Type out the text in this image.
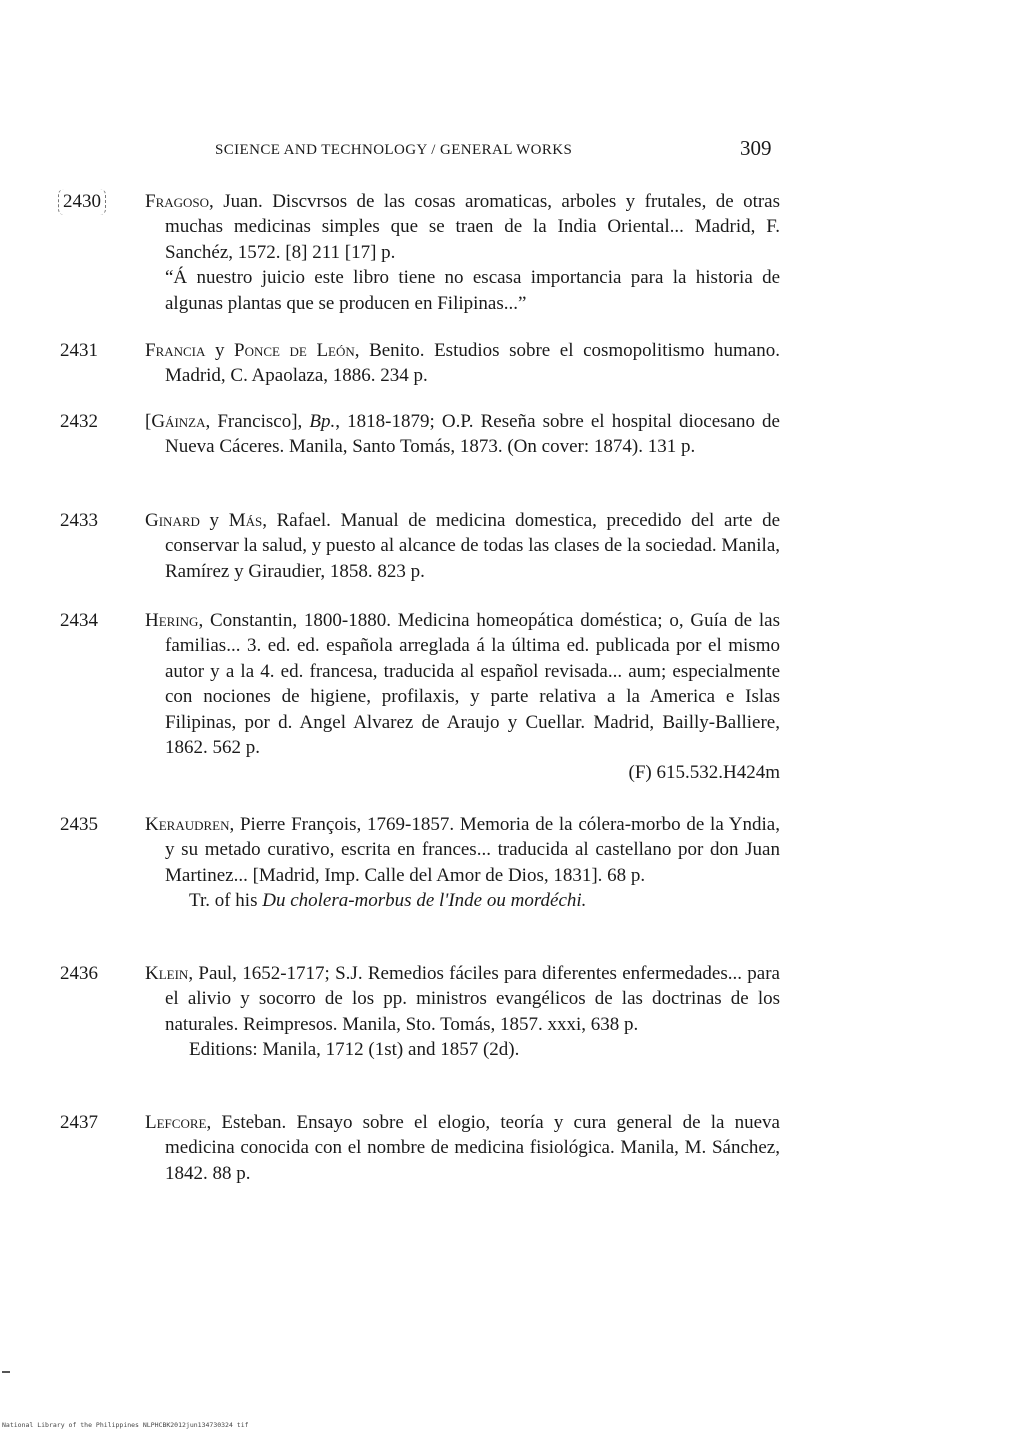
SCIENCE AND TECHNOLOGY / GENERAL WORKS	309
2430 Fragoso, Juan. Discvrsos de las cosas aromaticas, arboles y frutales, de otras muchas medicinas simples que se traen de la India Oriental... Madrid, F. Sanchéz, 1572. [8] 211 [17] p.

“Á nuestro juicio este libro tiene no escasa importancia para la historia de algunas plantas que se producen en Filipinas...”

2431 Francia y Ponce de León, Benito. Estudios sobre el cosmopolitismo humano. Madrid, C. Apaolaza, 1886. 234 p.

2432 [Gáinza, Francisco], Bp., 1818-1879; O.P. Reseña sobre el hospital diocesano de Nueva Cáceres. Manila, Santo Tomás, 1873. (On cover: 1874). 131 p.

2433 Ginard y Más, Rafael. Manual de medicina domestica, precedido del arte de conservar la salud, y puesto al alcance de todas las clases de la sociedad. Manila, Ramírez y Giraudier, 1858. 823 p.

2434 Hering, Constantin, 1800-1880. Medicina homeopática doméstica; o, Guía de las familias... 3. ed. ed. española arreglada á la última ed. publicada por el mismo autor y a la 4. ed. francesa, traducida al español revisada... aum; especialmente con nociones de higiene, profilaxis, y parte relativa a la America e Islas Filipinas, por d. Angel Alvarez de Araujo y Cuellar. Madrid, Bailly-Balliere, 1862. 562 p.

(F) 615.532.H424m

2435 Keraudren, Pierre François, 1769-1857. Memoria de la cólera-morbo de la Yndia, y su metado curativo, escrita en frances... traducida al castellano por don Juan Martinez... [Madrid, Imp. Calle del Amor de Dios, 1831]. 68 p.

Tr. of his Du cholera-morbus de l'Inde ou mordéchi.

2436 Klein, Paul, 1652-1717; S.J. Remedios fáciles para diferentes enfermedades... para el alivio y socorro de los pp. ministros evangélicos de las doctrinas de los naturales. Reimpresos. Manila, Sto. Tomás, 1857. xxxi, 638 p.

Editions: Manila, 1712 (1st) and 1857 (2d).

2437 Lefcore, Esteban. Ensayo sobre el elogio, teoría y cura general de la nueva medicina conocida con el nombre de medicina fisiológica. Manila, M. Sánchez, 1842. 88 p.

National Library of the Philippines NLPHCBK2012jun134730324 tif
